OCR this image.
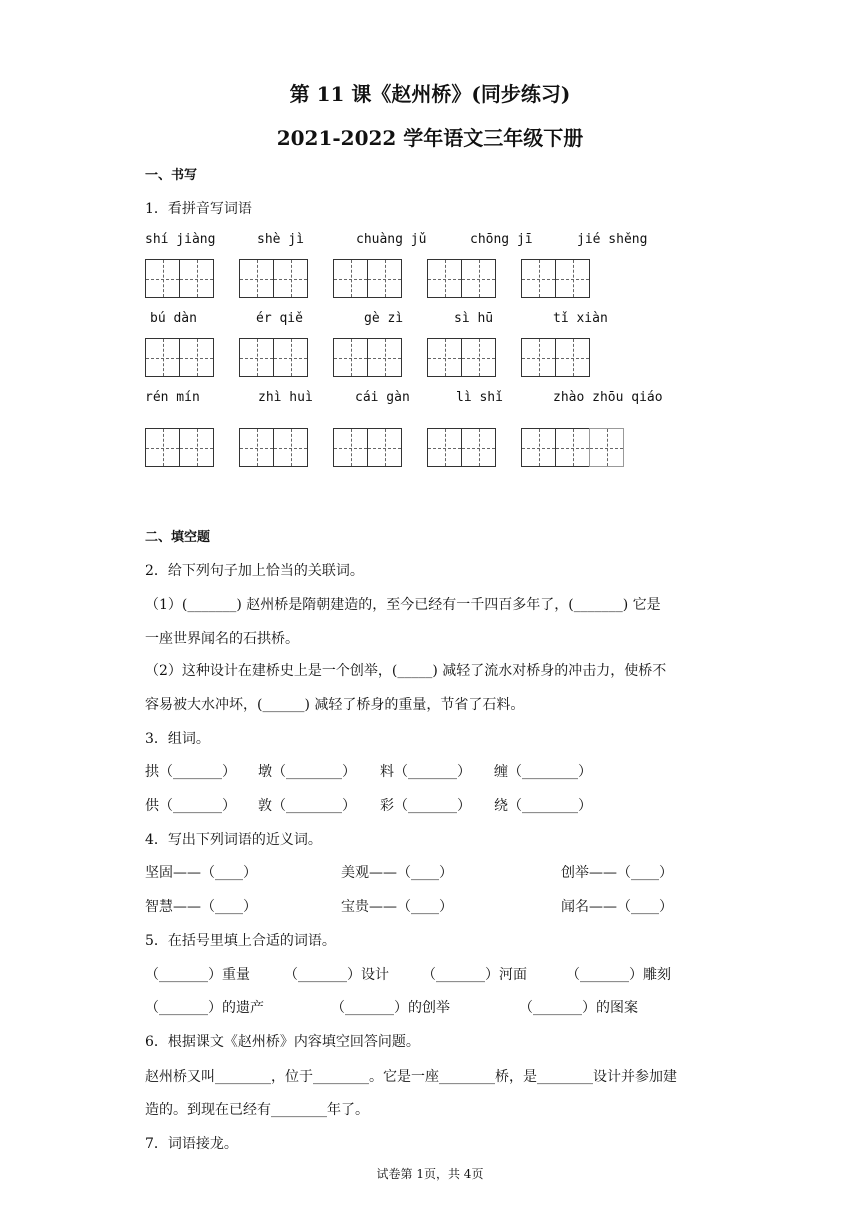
第 11 课《赵州桥》(同步练习)
2021-2022 学年语文三年级下册
一、书写
1．看拼音写词语
shí jiàng	shè jì	chuàng jǔ	chōng jī	jié shěng
bú dàn	ér qiě	gè zì	sì hū	tǐ xiàn
rén mín	zhì huì	cái gàn	lì shǐ	zhào zhōu qiáo
二、填空题
2．给下列句子加上恰当的关联词。
（1）(_______) 赵州桥是隋朝建造的，至今已经有一千四百多年了，(_______) 它是
一座世界闻名的石拱桥。
（2）这种设计在建桥史上是一个创举，(_____) 减轻了流水对桥身的冲击力，使桥不
容易被大水冲坏，(______) 减轻了桥身的重量，节省了石料。
3．组词。
拱（_______） 墩（________） 料（_______） 缠（________）
供（_______） 敦（________） 彩（_______） 绕（________）
4．写出下列词语的近义词。
坚固——（____）	美观——（____）	创举——（____）
智慧——（____）	宝贵——（____）	闻名——（____）
5．在括号里填上合适的词语。
（_______）重量 （_______）设计 （_______）河面	（_______）雕刻
（_______）的遗产	（_______）的创举	（_______）的图案
6．根据课文《赵州桥》内容填空回答问题。
赵州桥又叫________，位于________。它是一座________桥，是________设计并参加建
造的。到现在已经有________年了。
7．词语接龙。
试卷第 1页，共 4页
